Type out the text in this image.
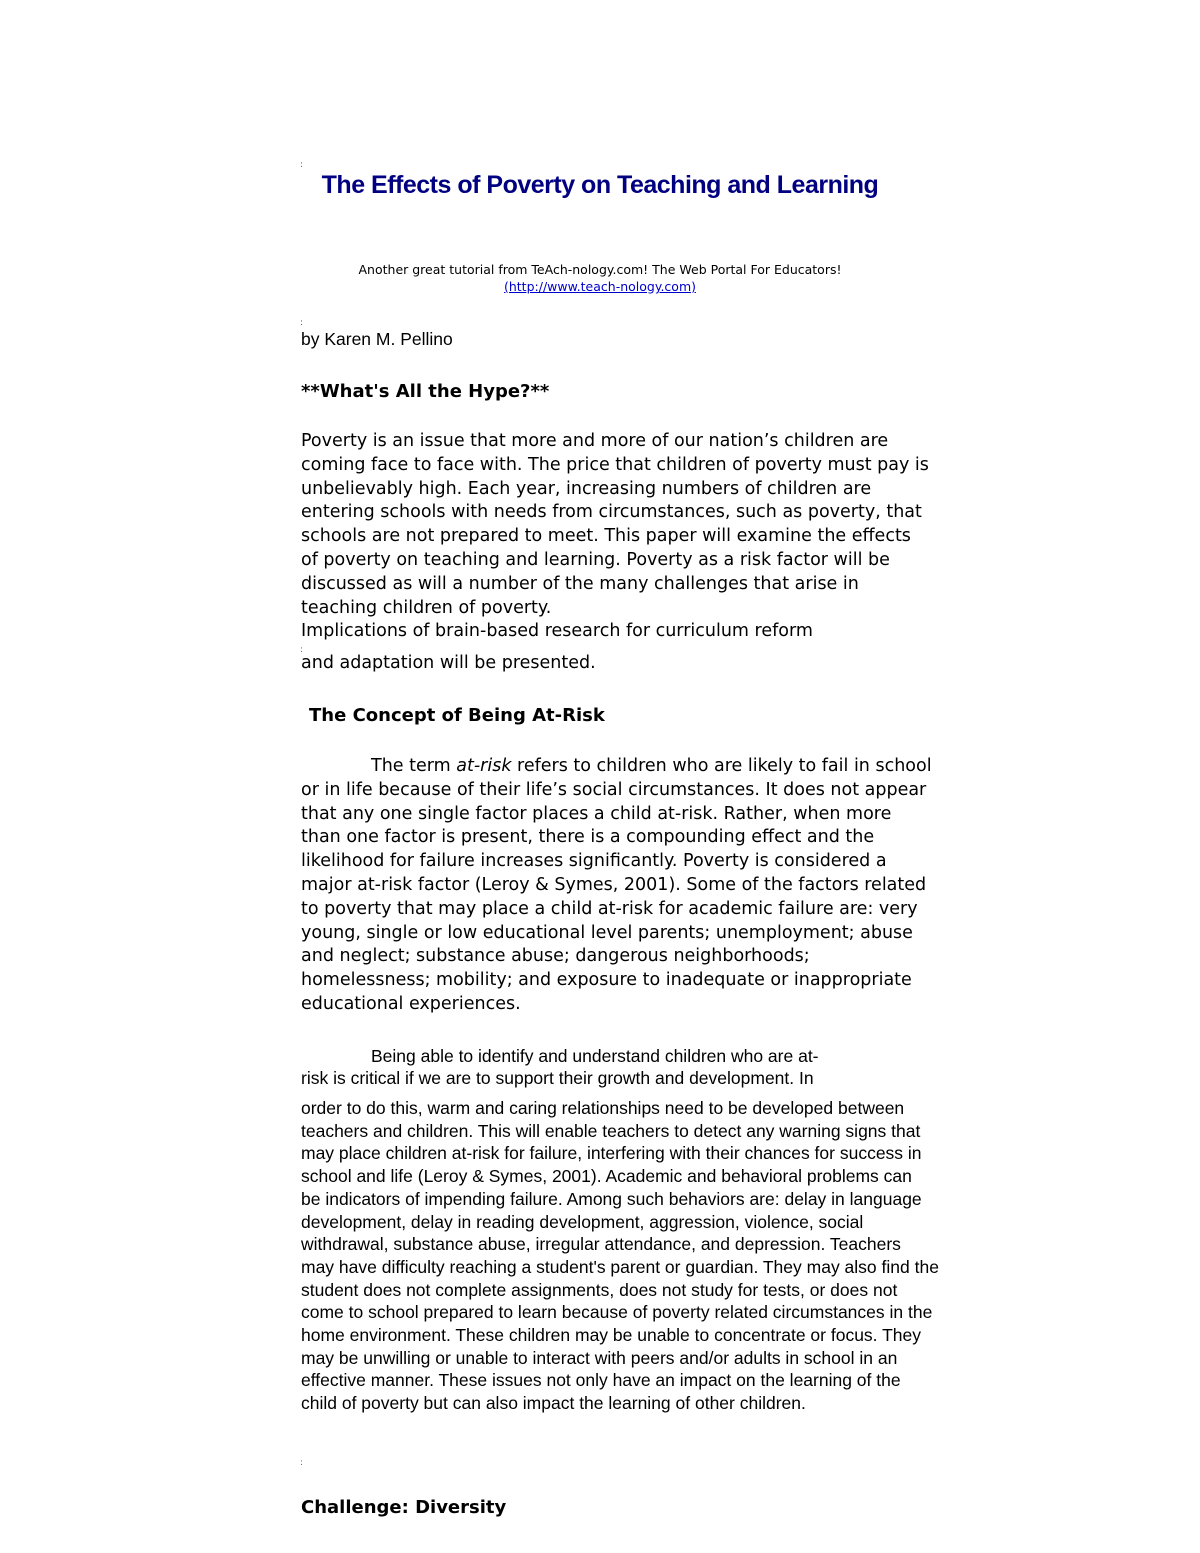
:
:
:
:
The Effects of Poverty on Teaching and Learning
Another great tutorial from TeAch-nology.com! The Web Portal For Educators!
(http://www.teach-nology.com)
by Karen M. Pellino
**What's All the Hype?**
Poverty is an issue that more and more of our nation’s children are
coming face to face with. The price that children of poverty must pay is
unbelievably high. Each year, increasing numbers of children are
entering schools with needs from circumstances, such as poverty, that
schools are not prepared to meet. This paper will examine the effects
of poverty on teaching and learning. Poverty as a risk factor will be
discussed as will a number of the many challenges that arise in
teaching children of poverty.
Implications of brain-based research for curriculum reform
and adaptation will be presented.
The Concept of Being At-Risk
The term at-risk refers to children who are likely to fail in school
or in life because of their life’s social circumstances. It does not appear
that any one single factor places a child at-risk. Rather, when more
than one factor is present, there is a compounding effect and the
likelihood for failure increases significantly. Poverty is considered a
major at-risk factor (Leroy & Symes, 2001). Some of the factors related
to poverty that may place a child at-risk for academic failure are: very
young, single or low educational level parents; unemployment; abuse
and neglect; substance abuse; dangerous neighborhoods;
homelessness; mobility; and exposure to inadequate or inappropriate
educational experiences.
Being able to identify and understand children who are at-
risk is critical if we are to support their growth and development. In
order to do this, warm and caring relationships need to be developed between
teachers and children. This will enable teachers to detect any warning signs that
may place children at-risk for failure, interfering with their chances for success in
school and life (Leroy & Symes, 2001). Academic and behavioral problems can
be indicators of impending failure. Among such behaviors are: delay in language
development, delay in reading development, aggression, violence, social
withdrawal, substance abuse, irregular attendance, and depression. Teachers
may have difficulty reaching a student's parent or guardian. They may also find the
student does not complete assignments, does not study for tests, or does not
come to school prepared to learn because of poverty related circumstances in the
home environment. These children may be unable to concentrate or focus. They
may be unwilling or unable to interact with peers and/or adults in school in an
effective manner. These issues not only have an impact on the learning of the
child of poverty but can also impact the learning of other children.
Challenge: Diversity
